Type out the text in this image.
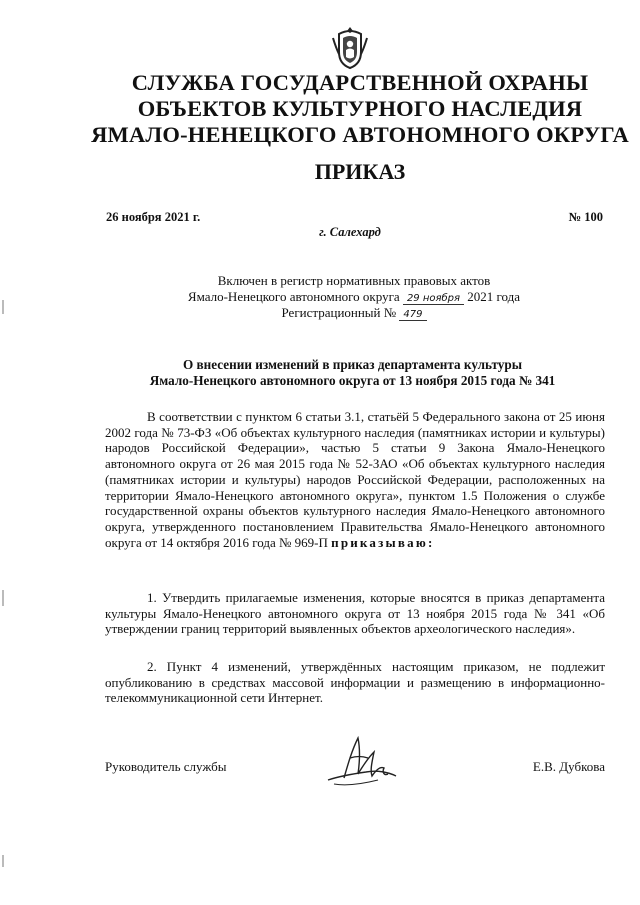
СЛУЖБА ГОСУДАРСТВЕННОЙ ОХРАНЫ
ОБЪЕКТОВ КУЛЬТУРНОГО НАСЛЕДИЯ
ЯМАЛО-НЕНЕЦКОГО АВТОНОМНОГО ОКРУГА
ПРИКАЗ
26 ноября 2021 г.	№ 100
г. Салехард
Включен в регистр нормативных правовых актов
Ямало-Ненецкого автономного округа 29 ноября 2021 года
Регистрационный № 479
О внесении изменений в приказ департамента культуры
Ямало-Ненецкого автономного округа от 13 ноября 2015 года № 341

В соответствии с пунктом 6 статьи 3.1, статьёй 5 Федерального закона от 25 июня 2002 года № 73-ФЗ «Об объектах культурного наследия (памятниках истории и культуры) народов Российской Федерации», частью 5 статьи 9 Закона Ямало-Ненецкого автономного округа от 26 мая 2015 года № 52-ЗАО «Об объектах культурного наследия (памятниках истории и культуры) народов Российской Федерации, расположенных на территории Ямало-Ненецкого автономного округа», пунктом 1.5 Положения о службе государственной охраны объектов культурного наследия Ямало-Ненецкого автономного округа, утвержденного постановлением Правительства Ямало-Ненецкого автономного округа от 14 октября 2016 года № 969-П приказываю:

1. Утвердить прилагаемые изменения, которые вносятся в приказ департамента культуры Ямало-Ненецкого автономного округа от 13 ноября 2015 года № 341 «Об утверждении границ территорий выявленных объектов археологического наследия».

2. Пункт 4 изменений, утверждённых настоящим приказом, не подлежит опубликованию в средствах массовой информации и размещению в информационно-телекоммуникационной сети Интернет.

Руководитель службы	Е.В. Дубкова
